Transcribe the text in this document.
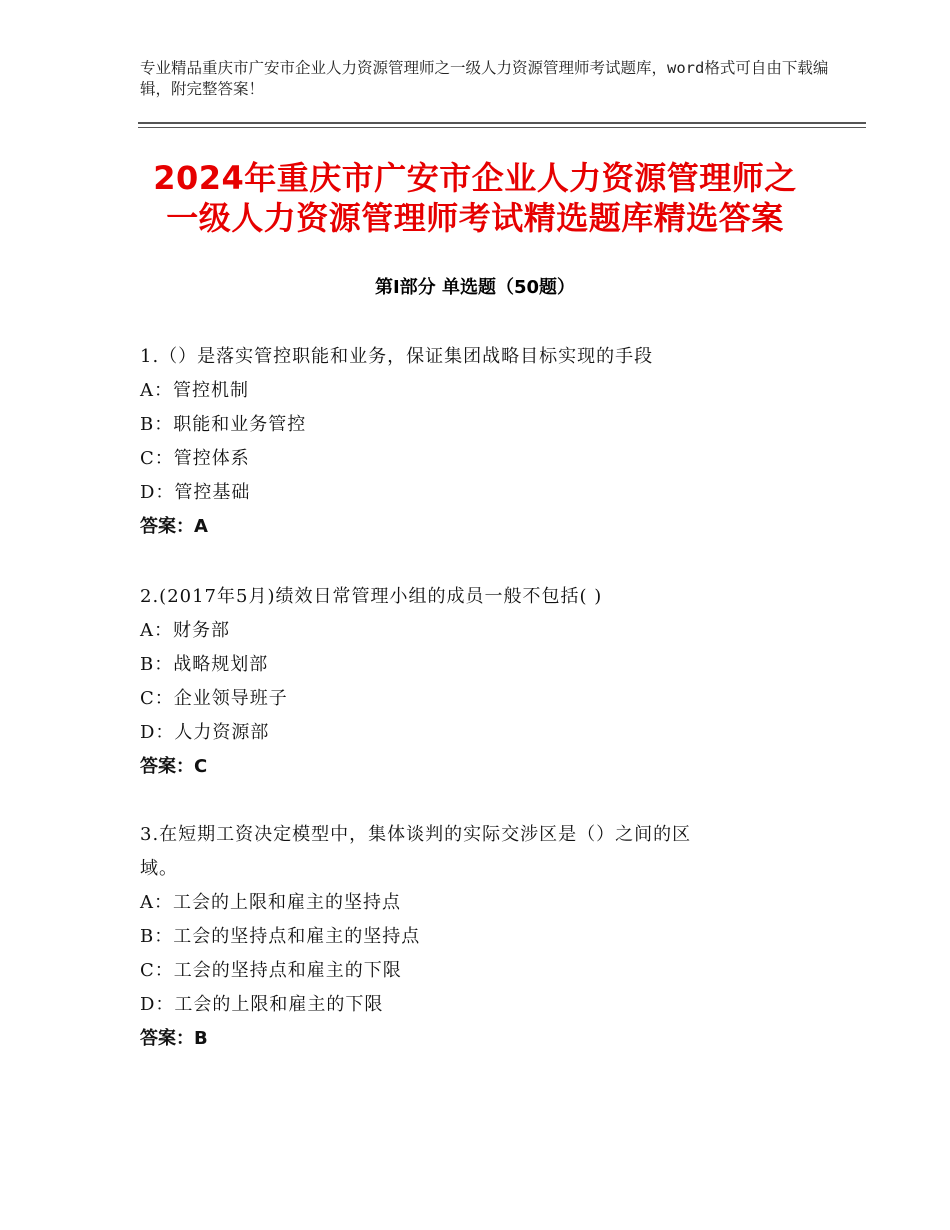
专业精品重庆市广安市企业人力资源管理师之一级人力资源管理师考试题库，word格式可自由下载编辑，附完整答案！
2024年重庆市广安市企业人力资源管理师之
一级人力资源管理师考试精选题库精选答案
第Ⅰ部分 单选题（50题）
1.（）是落实管控职能和业务，保证集团战略目标实现的手段
A：管控机制
B：职能和业务管控
C：管控体系
D：管控基础
答案：A
2.(2017年5月)绩效日常管理小组的成员一般不包括( )
A：财务部
B：战略规划部
C：企业领导班子
D：人力资源部
答案：C
3.在短期工资决定模型中，集体谈判的实际交涉区是（）之间的区
域。
A：工会的上限和雇主的坚持点
B：工会的坚持点和雇主的坚持点
C：工会的坚持点和雇主的下限
D：工会的上限和雇主的下限
答案：B
